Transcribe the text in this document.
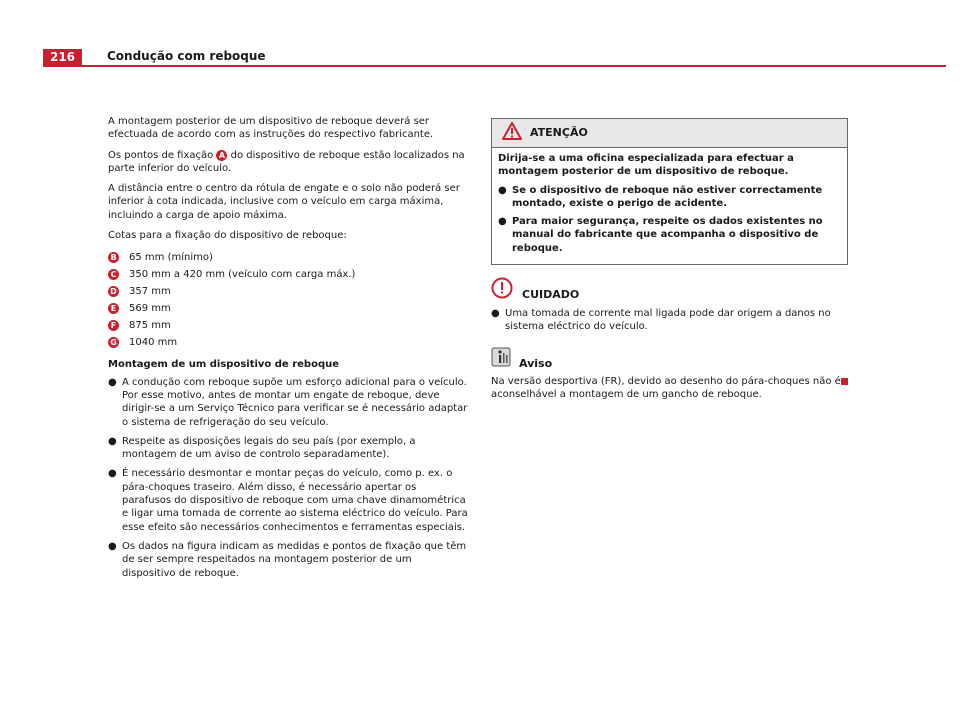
216	Condução com reboque

A montagem posterior de um dispositivo de reboque deverá ser efectuada de acordo com as instruções do respectivo fabricante.

Os pontos de fixação A do dispositivo de reboque estão localizados na parte inferior do veículo.

A distância entre o centro da rótula de engate e o solo não poderá ser inferior à cota indicada, inclusive com o veículo em carga máxima, incluindo a carga de apoio máxima.

Cotas para a fixação do dispositivo de reboque:

B 65 mm (mínimo)
C 350 mm a 420 mm (veículo com carga máx.)
D 357 mm
E 569 mm
F 875 mm
G 1040 mm
Montagem de um dispositivo de reboque
● A condução com reboque supõe um esforço adicional para o veículo. Por esse motivo, antes de montar um engate de reboque, deve dirigir-se a um Serviço Técnico para verificar se é necessário adaptar o sistema de refrigeração do seu veículo.
● Respeite as disposições legais do seu país (por exemplo, a montagem de um aviso de controlo separadamente).
● É necessário desmontar e montar peças do veículo, como p. ex. o pára-choques traseiro. Além disso, é necessário apertar os parafusos do dispositivo de reboque com uma chave dinamométrica e ligar uma tomada de corrente ao sistema eléctrico do veículo. Para esse efeito são necessários conhecimentos e ferramentas especiais.
● Os dados na figura indicam as medidas e pontos de fixação que têm de ser sempre respeitados na montagem posterior de um dispositivo de reboque.
ATENÇÃO

Dirija-se a uma oficina especializada para efectuar a montagem posterior de um dispositivo de reboque.

● Se o dispositivo de reboque não estiver correctamente montado, existe o perigo de acidente.
● Para maior segurança, respeite os dados existentes no manual do fabricante que acompanha o dispositivo de reboque.
CUIDADO
● Uma tomada de corrente mal ligada pode dar origem a danos no sistema eléctrico do veículo.
Aviso
Na versão desportiva (FR), devido ao desenho do pára-choques não é aconselhável a montagem de um gancho de reboque.
